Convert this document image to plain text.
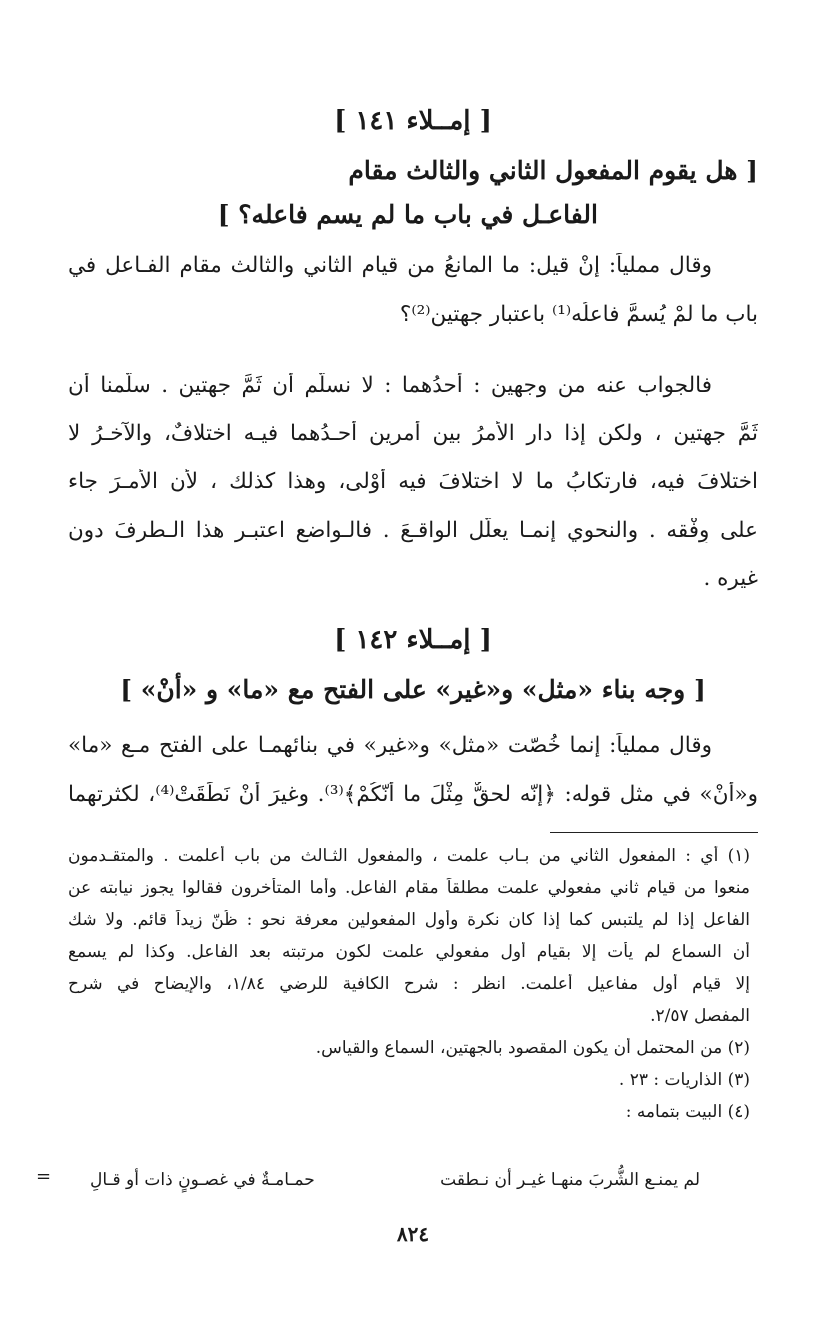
[ إمــلاء ١٤١ ]
[ هل يقوم المفعول الثاني والثالث مقام
الفاعـل في باب ما لم يسم فاعله؟ ]
وقال مملياً: إنْ قيل: ما المانعُ من قيام الثاني والثالث مقام الفـاعل في
باب ما لمْ يُسمَّ فاعلُه⁽¹⁾ باعتبار جهتين⁽²⁾؟
فالجواب عنه من وجهين : أحدُهما : لا نسلّم أن ثَمَّ جهتين . سلّمنا أن
ثَمَّ جهتين ، ولكن إذا دار الأمرُ بين أمرين أحـدُهما فيـه اختلافٌ، والآخـرُ لا
اختلافَ فيه، فارتكابُ ما لا اختلافَ فيه أَوْلى، وهذا كذلك ، لأن الأمـرَ جاء
على وِفْقه . والنحوي إنمـا يعلّل الواقـعَ . فالـواضع اعتبـر هذا الـطرفَ دون
غيره .
[ إمــلاء ١٤٢ ]
[ وجه بناء «مثل» و«غير» على الفتح مع «ما» و «أنْ» ]
وقال مملياً: إنما خُصّت «مثل» و«غير» في بنائهمـا على الفتح مـع «ما»
و«أنْ» في مثل قوله: ﴿إنّه لحقٌّ مِثْلَ ما أنّكُمْ﴾⁽³⁾. وغيرَ أنْ نَطَقَتْ⁽⁴⁾، لكثرتهما
(١) أي : المفعول الثاني من بـاب علمت ، والمفعول الثـالث من باب أعلمت . والمتقـدمون
منعوا من قيام ثاني مفعولي علمت مطلقاً مقام الفاعل. وأما المتأخرون فقالوا يجوز نيابته عن
الفاعل إذا لم يلتبس كما إذا كان نكرة وأول المفعولين معرفة نحو : ظُنّ زيداً قائم. ولا شك
أن السماع لم يأت إلا بقيام أول مفعولي علمت لكون مرتبته بعد الفاعل. وكذا لم يسمع
إلا قيام أول مفاعيل أعلمت. انظر : شرح الكافية للرضي ١/٨٤، والإيضاح في شرح
المفصل ٢/٥٧.
(٢) من المحتمل أن يكون المقصود بالجهتين، السماع والقياس.
(٣) الذاريات : ٢٣ .
(٤) البيت بتمامه :
لم يمنـع الشُّربَ منهـا غيـر أن نـطقت
حمـامـةٌ في غصـونٍ ذات أو قـالِ
=
٨٢٤
